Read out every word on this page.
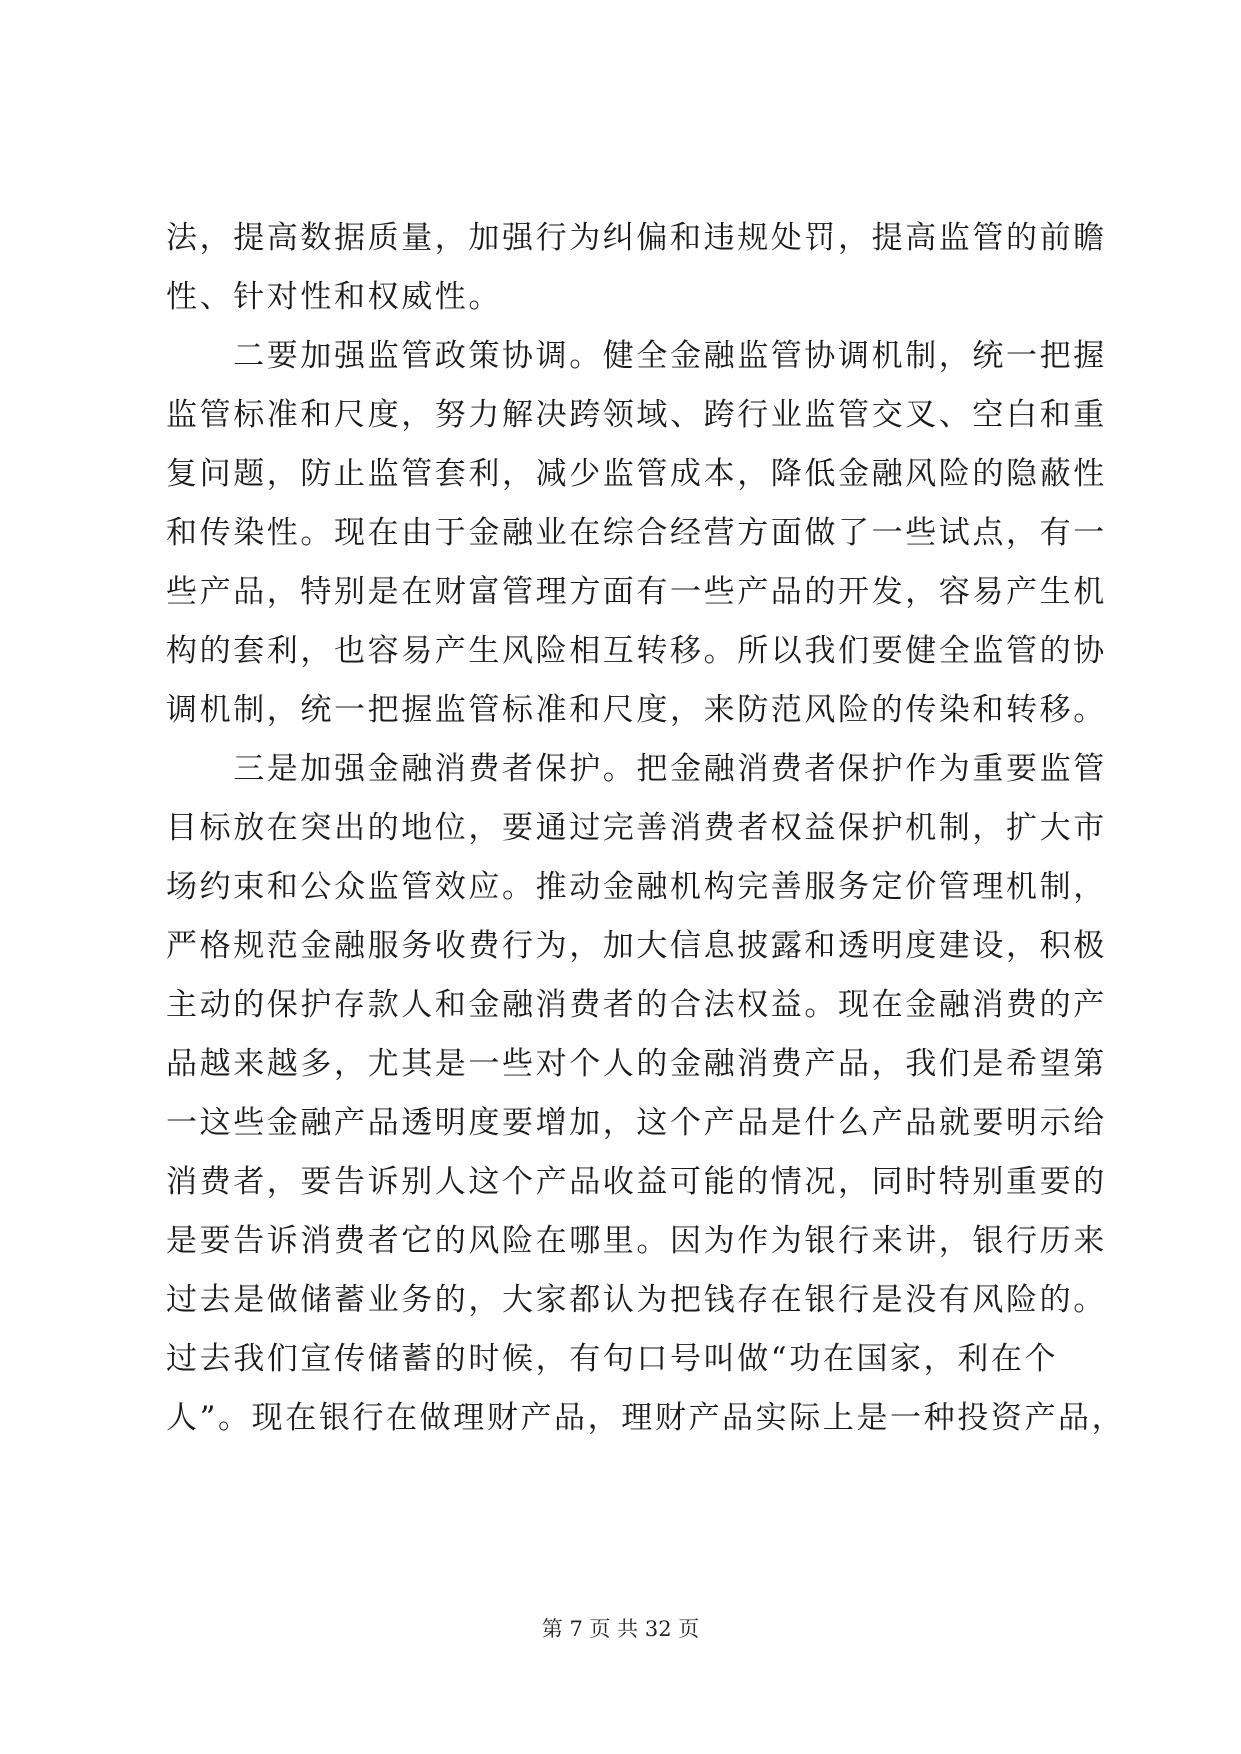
法，提高数据质量，加强行为纠偏和违规处罚，提高监管的前瞻
性、针对性和权威性。
　　二要加强监管政策协调。健全金融监管协调机制，统一把握
监管标准和尺度，努力解决跨领域、跨行业监管交叉、空白和重
复问题，防止监管套利，减少监管成本，降低金融风险的隐蔽性
和传染性。现在由于金融业在综合经营方面做了一些试点，有一
些产品，特别是在财富管理方面有一些产品的开发，容易产生机
构的套利，也容易产生风险相互转移。所以我们要健全监管的协
调机制，统一把握监管标准和尺度，来防范风险的传染和转移。
　　三是加强金融消费者保护。把金融消费者保护作为重要监管
目标放在突出的地位，要通过完善消费者权益保护机制，扩大市
场约束和公众监管效应。推动金融机构完善服务定价管理机制，
严格规范金融服务收费行为，加大信息披露和透明度建设，积极
主动的保护存款人和金融消费者的合法权益。现在金融消费的产
品越来越多，尤其是一些对个人的金融消费产品，我们是希望第
一这些金融产品透明度要增加，这个产品是什么产品就要明示给
消费者，要告诉别人这个产品收益可能的情况，同时特别重要的
是要告诉消费者它的风险在哪里。因为作为银行来讲，银行历来
过去是做储蓄业务的，大家都认为把钱存在银行是没有风险的。
过去我们宣传储蓄的时候，有句口号叫做“功在国家，利在个
人”。现在银行在做理财产品，理财产品实际上是一种投资产品，
第 7 页 共 32 页
